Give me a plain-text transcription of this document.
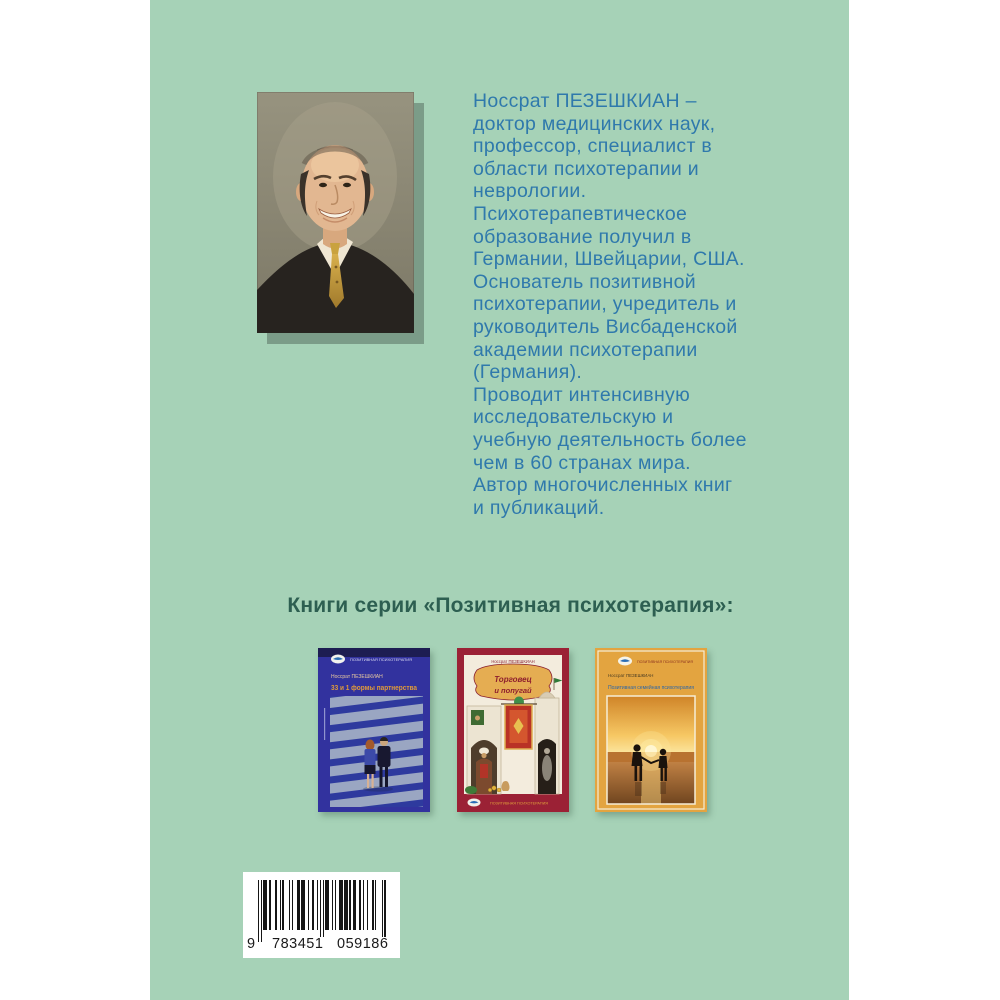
Носсрат ПЕЗЕШКИАН –
доктор медицинских наук,
профессор, специалист в
области психотерапии и
неврологии.
Психотерапевтическое
образование получил в
Германии, Швейцарии, США.
Основатель позитивной
психотерапии, учредитель и
руководитель Висбаденской
академии психотерапии
(Германия).
Проводит интенсивную
исследовательскую и
учебную деятельность более
чем в 60 странах мира.
Автор многочисленных книг
и публикаций.
Книги серии «Позитивная психотерапия»:
ПОЗИТИВНАЯ ПСИХОТЕРАПИЯ
Носсрат ПЕЗЕШКИАН
33 и 1 формы партнерства
Носсрат ПЕЗЕШКИАН
Торговец
и попугай
ПОЗИТИВНАЯ ПСИХОТЕРАПИЯ
ПОЗИТИВНАЯ ПСИХОТЕРАПИЯ
Носсрат ПЕЗЕШКИАН
Позитивная семейная психотерапия
9 783451 059186
